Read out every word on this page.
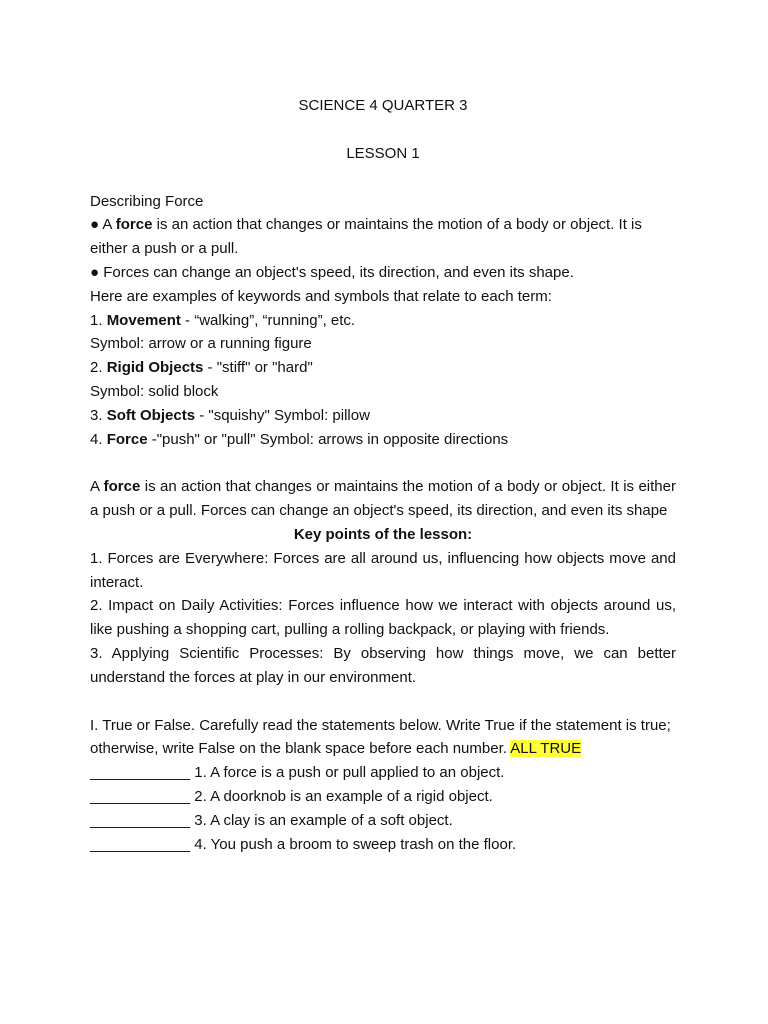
SCIENCE 4 QUARTER 3

LESSON 1

Describing Force

● A force is an action that changes or maintains the motion of a body or object. It is either a push or a pull.

● Forces can change an object's speed, its direction, and even its shape.

Here are examples of keywords and symbols that relate to each term:

1. Movement - “walking”, “running”, etc.

Symbol: arrow or a running figure

2. Rigid Objects - "stiff" or "hard"

Symbol: solid block

3. Soft Objects - "squishy" Symbol: pillow

4. Force -"push" or "pull" Symbol: arrows in opposite directions

A force is an action that changes or maintains the motion of a body or object. It is either a push or a pull. Forces can change an object's speed, its direction, and even its shape

Key points of the lesson:

1. Forces are Everywhere: Forces are all around us, influencing how objects move and interact.

2. Impact on Daily Activities: Forces influence how we interact with objects around us, like pushing a shopping cart, pulling a rolling backpack, or playing with friends.

3. Applying Scientific Processes: By observing how things move, we can better understand the forces at play in our environment.

I. True or False. Carefully read the statements below. Write True if the statement is true; otherwise, write False on the blank space before each number. ALL TRUE

____________ 1. A force is a push or pull applied to an object.

____________ 2. A doorknob is an example of a rigid object.

____________ 3. A clay is an example of a soft object.

____________ 4. You push a broom to sweep trash on the floor.
